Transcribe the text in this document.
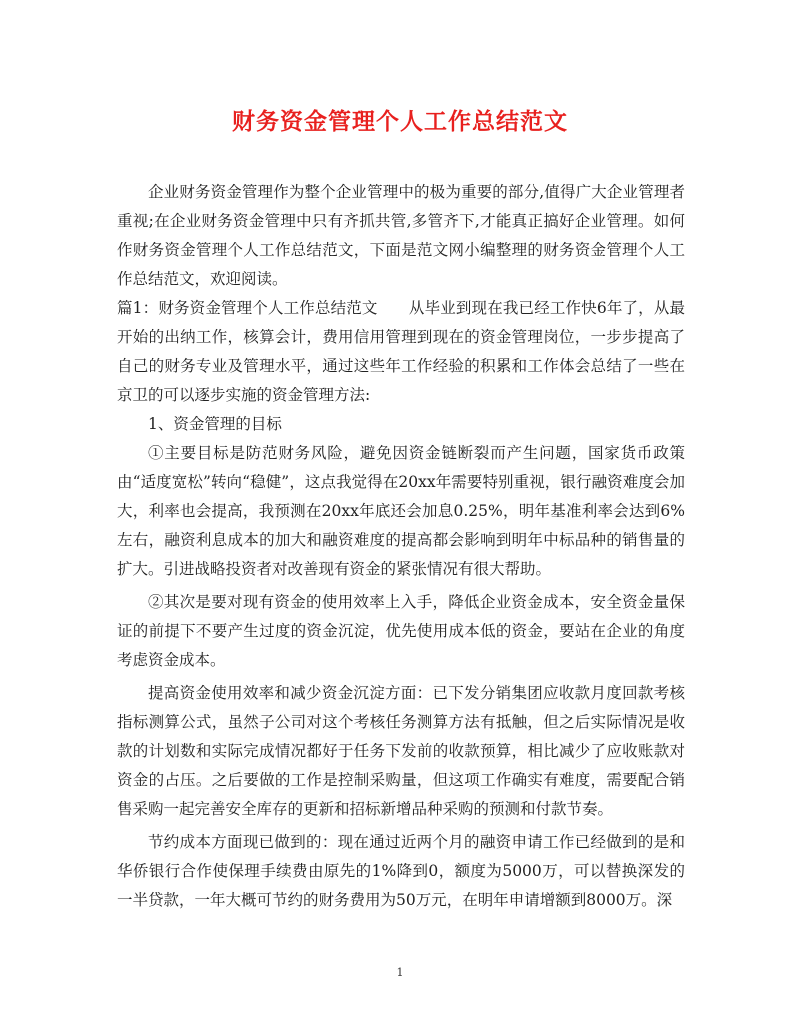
财务资金管理个人工作总结范文

企业财务资金管理作为整个企业管理中的极为重要的部分,值得广大企业管理者重视;在企业财务资金管理中只有齐抓共管,多管齐下,才能真正搞好企业管理。如何作财务资金管理个人工作总结范文，下面是范文网小编整理的财务资金管理个人工作总结范文，欢迎阅读。

篇1：财务资金管理个人工作总结范文　　从毕业到现在我已经工作快6年了，从最开始的出纳工作，核算会计，费用信用管理到现在的资金管理岗位，一步步提高了自己的财务专业及管理水平，通过这些年工作经验的积累和工作体会总结了一些在京卫的可以逐步实施的资金管理方法:

1、资金管理的目标

①主要目标是防范财务风险，避免因资金链断裂而产生问题，国家货币政策由“适度宽松”转向“稳健”，这点我觉得在20xx年需要特别重视，银行融资难度会加大，利率也会提高，我预测在20xx年底还会加息0.25%，明年基准利率会达到6%左右，融资利息成本的加大和融资难度的提高都会影响到明年中标品种的销售量的扩大。引进战略投资者对改善现有资金的紧张情况有很大帮助。

②其次是要对现有资金的使用效率上入手，降低企业资金成本，安全资金量保证的前提下不要产生过度的资金沉淀，优先使用成本低的资金，要站在企业的角度考虑资金成本。

提高资金使用效率和减少资金沉淀方面：已下发分销集团应收款月度回款考核指标测算公式，虽然子公司对这个考核任务测算方法有抵触，但之后实际情况是收款的计划数和实际完成情况都好于任务下发前的收款预算，相比减少了应收账款对资金的占压。之后要做的工作是控制采购量，但这项工作确实有难度，需要配合销售采购一起完善安全库存的更新和招标新增品种采购的预测和付款节奏。

节约成本方面现已做到的：现在通过近两个月的融资申请工作已经做到的是和华侨银行合作使保理手续费由原先的1%降到0，额度为5000万，可以替换深发的一半贷款，一年大概可节约的财务费用为50万元，在明年申请增额到8000万。深

1
